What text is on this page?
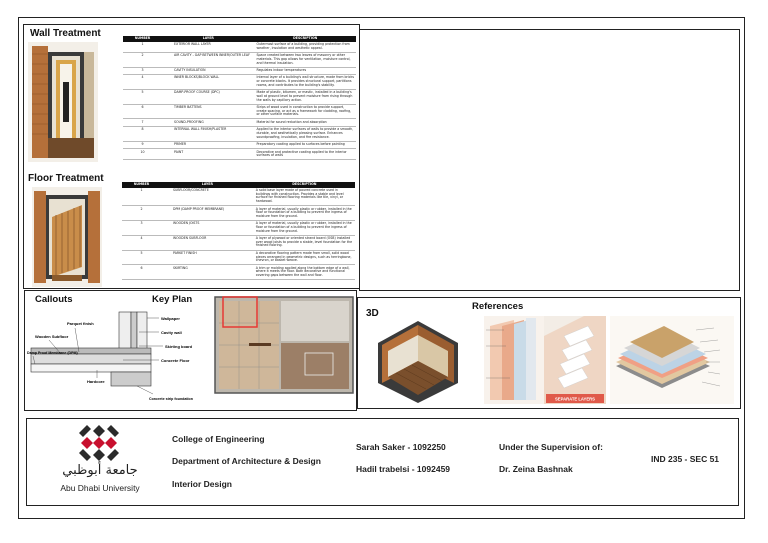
Wall Treatment	NUMBER	LAYER	DESCRIPTION
1	EXTERIOR WALL LAYER	Outermost surface of a building, providing protection from weather, insulation and aesthetic appeal.
2	AIR CAVITY - GAP BETWEEN INNER/OUTER LEAF	Space created between two leaves of masonry or other materials. This gap allows for ventilation, moisture control, and thermal insulation.
3	CAVITY INSULATION	Regulates indoor temperatures
4	INNER BLOCKS/BLOCK WALL	Internal layer of a building's wall structure, made from bricks or concrete blocks. It provides structural support, partitions rooms, and contributes to the building's stability.
5	DAMP-PROOF COURSE (DPC)	Made of plastic, bitumen, or mastic, installed in a building's wall at ground level to prevent moisture from rising through the walls by capillary action.
6	TIMBER BATTENS	Strips of wood used in construction to provide support, create spacing, or act as a framework for cladding, roofing, or other surface materials.
7	SOUND-PROOFING	Material for sound reduction and absorption
8	INTERNAL WALL FINISH/PLASTER	Applied to the interior surfaces of walls to provide a smooth, durable, and aesthetically pleasing surface. Enhances soundproofing, insulation, and fire resistance.
9	PRIMER	Preparatory coating applied to surfaces before painting
10	PAINT	Decorative and protective coating applied to the interior surfaces of walls
Floor Treatment	NUMBER	LAYER	DESCRIPTION
1	SUBFLOOR/CONCRETE	A solid base layer made of poured concrete used in buildings with construction. Provides a stable and level surface for finished flooring materials like tile, vinyl, or hardwood.
2	DPM (DAMP PROOF MEMBRANE)	A layer of material, usually plastic or rubber, installed in the floor or foundation of a building to prevent the ingress of moisture from the ground.
3	WOODEN JOISTS	A layer of material, usually plastic or rubber, installed in the floor or foundation of a building to prevent the ingress of moisture from the ground.
4	WOODEN SUBFLOOR	A layer of plywood or oriented strand board (OSB) installed over wood joists to provide a stable, level foundation for the finished flooring.
5	PARKET FINISH	A decorative flooring pattern made from small, solid wood pieces arranged in geometric designs, such as herringbone, chevron, or basket weave.
6	SKIRTING	A trim or molding applied along the bottom edge of a wall, where it meets the floor. Both decorative and functional covering gaps between the wall and floor.
Callouts	Key Plan
Wallpaper
Cavity wall
Skirting board
Concrete Floor
Parquet finish
Wooden Subfloor
Damp Proof Membrane (DPM)
Hardcore
Concrete strip foundation
3D
References
SEPARATE LAYERS
جامعة أبوظبي
Abu Dhabi University
College of Engineering
Department of Architecture & Design
Interior Design
Sarah Saker - 1092250
Hadil trabelsi - 1092459
Under the Supervision of:
Dr. Zeina Bashnak
IND 235 - SEC 51
